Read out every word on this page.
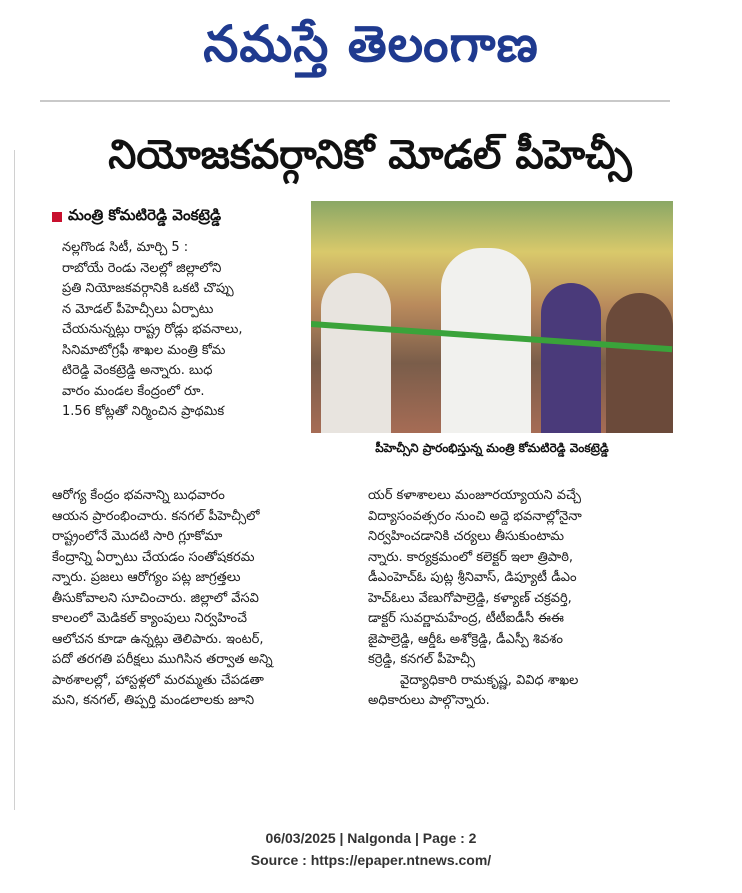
నమస్తే తెలంగాణ
నియోజకవర్గానికో మోడల్ పీహెచ్సీ
మంత్రి కోమటిరెడ్డి వెంకట్రెడ్డి
పీహెచ్సీని ప్రారంభిస్తున్న మంత్రి కోమటిరెడ్డి వెంకట్రెడ్డి

నల్లగొండ సిటీ, మార్చి 5 :

రాబోయే రెండు నెలల్లో జిల్లాలోని

ప్రతి నియోజకవర్గానికి ఒకటి చొప్పు

న మోడల్ పీహెచ్సీలు ఏర్పాటు

చేయనున్నట్లు రాష్ట్ర రోడ్లు భవనాలు,

సినిమాటోగ్రఫీ శాఖల మంత్రి కోమ

టిరెడ్డి వెంకట్రెడ్డి అన్నారు. బుధ

వారం మండల కేంద్రంలో రూ.

1.56 కోట్లతో నిర్మించిన ప్రాథమిక

ఆరోగ్య కేంద్రం భవనాన్ని బుధవారం

ఆయన ప్రారంభించారు. కనగల్ పీహెచ్సీలో

రాష్ట్రంలోనే మొదటి సారి గ్లూకోమా

కేంద్రాన్ని ఏర్పాటు చేయడం సంతోషకరమ

న్నారు. ప్రజలు ఆరోగ్యం పట్ల జాగ్రత్తలు

తీసుకోవాలని సూచించారు. జిల్లాలో వేసవి

కాలంలో మెడికల్ క్యాంపులు నిర్వహించే

ఆలోచన కూడా ఉన్నట్లు తెలిపారు. ఇంటర్,

పదో తరగతి పరీక్షలు ముగిసిన తర్వాత అన్ని

పాఠశాలల్లో, హాస్టళ్లలో మరమ్మతు చేపడతా

మని, కనగల్, తిప్పర్తి మండలాలకు జూని

యర్ కళాశాలలు మంజూరయ్యాయని వచ్చే

విద్యాసంవత్సరం నుంచి అద్దె భవనాల్లోనైనా

నిర్వహించడానికి చర్యలు తీసుకుంటామ

న్నారు. కార్యక్రమంలో కలెక్టర్ ఇలా త్రిపాఠి,

డీఎంహెచ్ఓ పుట్ల శ్రీనివాస్, డిప్యూటీ డీఎం

హెచ్ఓలు వేణుగోపాల్రెడ్డి, కళ్యాణ్ చక్రవర్తి,

డాక్టర్ సువర్ణామహేంద్ర, టీటీఐడీసీ ఈఈ

జైపాల్రెడ్డి, ఆర్డీఓ అశోక్రెడ్డి, డీఎస్పీ శివశం

కర్రెడ్డి, కనగల్ పీహెచ్సీ

వైద్యాధికారి రామకృష్ణ, వివిధ శాఖల

అధికారులు పాల్గొన్నారు.

06/03/2025 | Nalgonda | Page : 2
Source : https://epaper.ntnews.com/
